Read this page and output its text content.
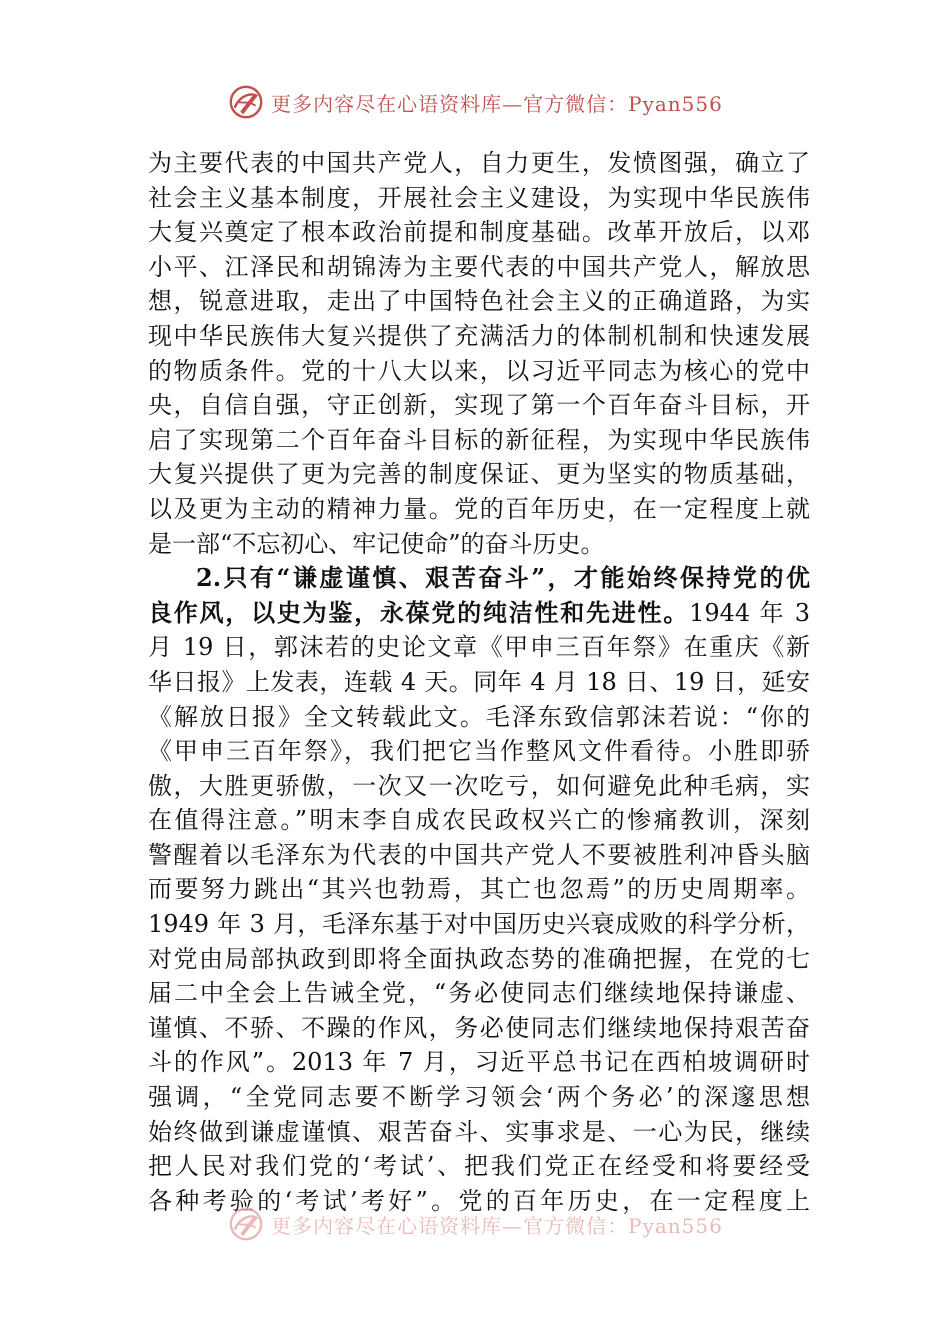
更多内容尽在心语资料库—官方微信：Pyan556
为主要代表的中国共产党人，自力更生，发愤图强，确立了
社会主义基本制度，开展社会主义建设，为实现中华民族伟
大复兴奠定了根本政治前提和制度基础。改革开放后，以邓
小平、江泽民和胡锦涛为主要代表的中国共产党人，解放思
想，锐意进取，走出了中国特色社会主义的正确道路，为实
现中华民族伟大复兴提供了充满活力的体制机制和快速发展
的物质条件。党的十八大以来，以习近平同志为核心的党中
央，自信自强，守正创新，实现了第一个百年奋斗目标，开
启了实现第二个百年奋斗目标的新征程，为实现中华民族伟
大复兴提供了更为完善的制度保证、更为坚实的物质基础，
以及更为主动的精神力量。党的百年历史，在一定程度上就
是一部“不忘初心、牢记使命”的奋斗历史。
2.只有“谦虚谨慎、艰苦奋斗”，才能始终保持党的优
良作风，以史为鉴，永葆党的纯洁性和先进性。1944 年 3
月 19 日，郭沫若的史论文章《甲申三百年祭》在重庆《新
华日报》上发表，连载 4 天。同年 4 月 18 日、19 日，延安
《解放日报》全文转载此文。毛泽东致信郭沫若说：“你的
《甲申三百年祭》，我们把它当作整风文件看待。小胜即骄
傲，大胜更骄傲，一次又一次吃亏，如何避免此种毛病，实
在值得注意。”明末李自成农民政权兴亡的惨痛教训，深刻
警醒着以毛泽东为代表的中国共产党人不要被胜利冲昏头脑
而要努力跳出“其兴也勃焉，其亡也忽焉”的历史周期率。
1949 年 3 月，毛泽东基于对中国历史兴衰成败的科学分析，
对党由局部执政到即将全面执政态势的准确把握，在党的七
届二中全会上告诫全党，“务必使同志们继续地保持谦虚、
谨慎、不骄、不躁的作风，务必使同志们继续地保持艰苦奋
斗的作风”。2013 年 7 月，习近平总书记在西柏坡调研时
强调，“全党同志要不断学习领会‘两个务必’的深邃思想
始终做到谦虚谨慎、艰苦奋斗、实事求是、一心为民，继续
把人民对我们党的‘考试’、把我们党正在经受和将要经受
各种考验的‘考试’考好”。党的百年历史，在一定程度上
更多内容尽在心语资料库—官方微信：Pyan556
